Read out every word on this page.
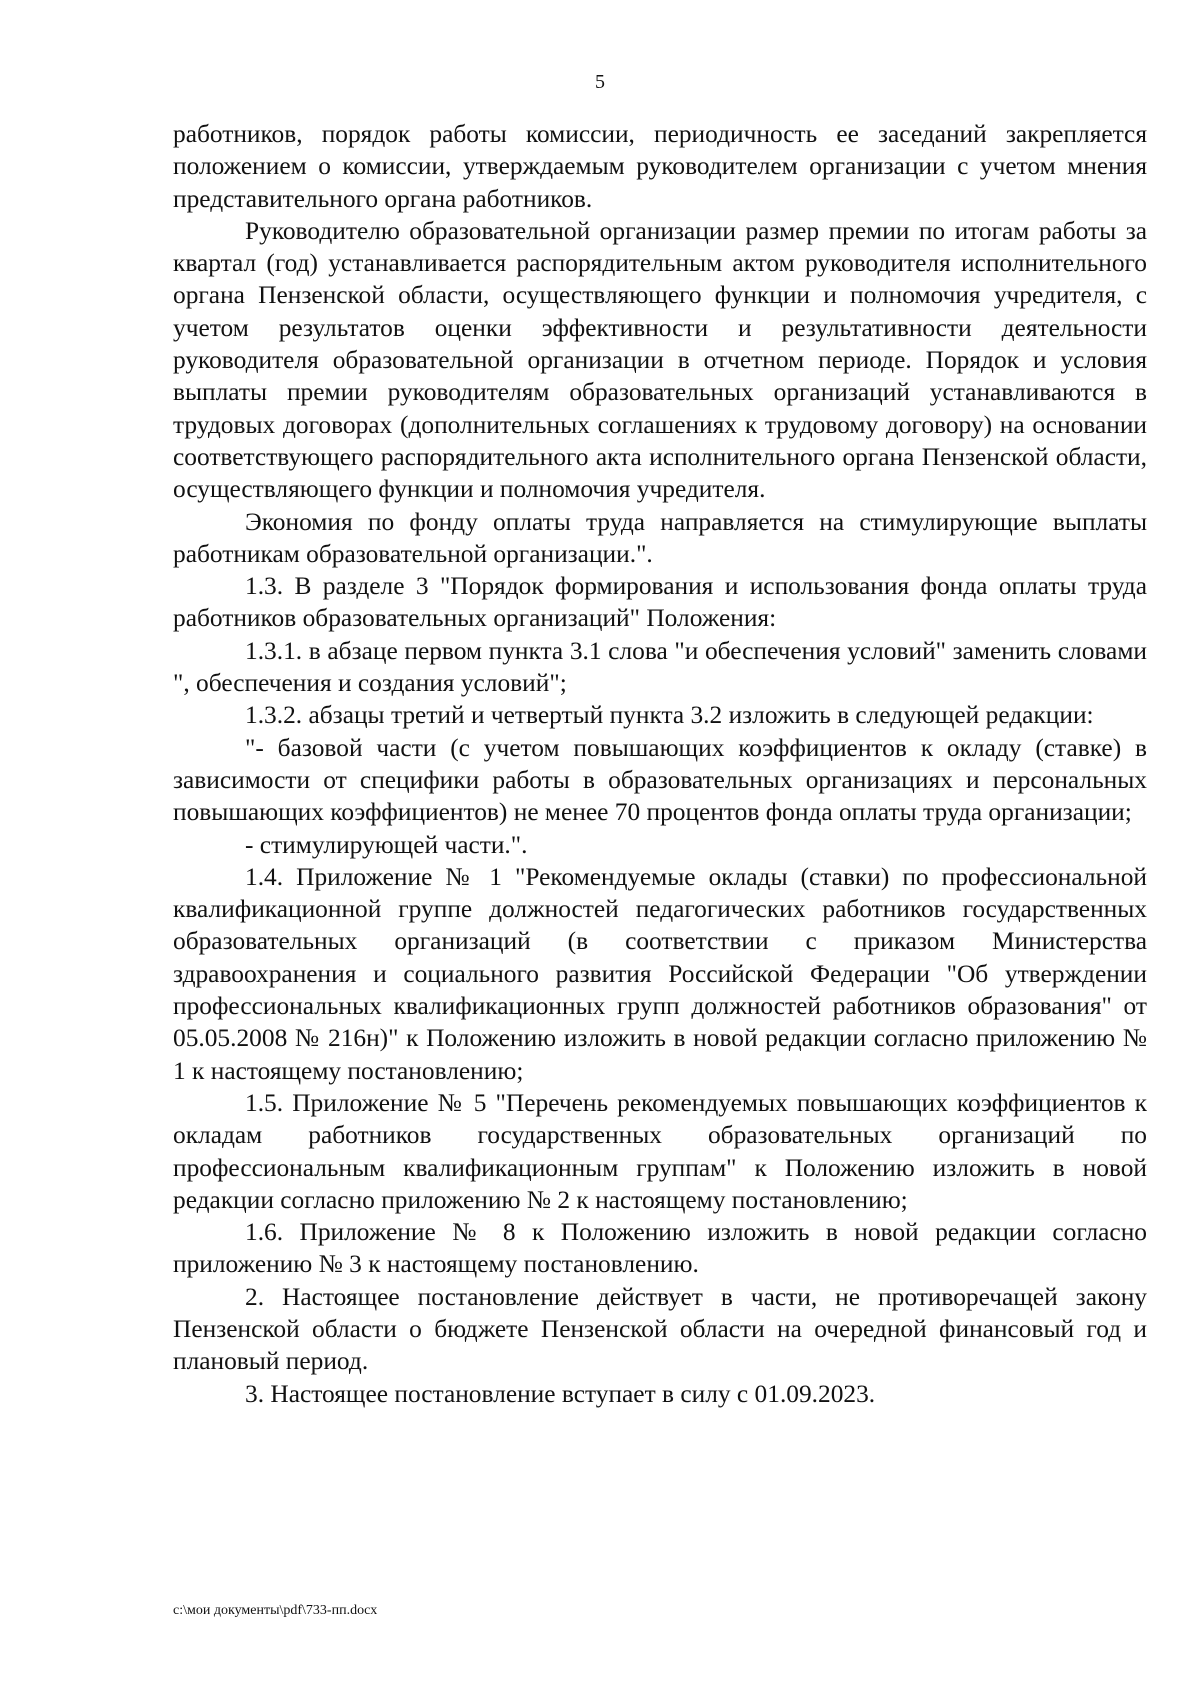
5

работников, порядок работы комиссии, периодичность ее заседаний закрепляется положением о комиссии, утверждаемым руководителем организации с учетом мнения представительного органа работников.

Руководителю образовательной организации размер премии по итогам работы за квартал (год) устанавливается распорядительным актом руководителя исполнительного органа Пензенской области, осуществляющего функции и полномочия учредителя, с учетом результатов оценки эффективности и результативности деятельности руководителя образовательной организации в отчетном периоде. Порядок и условия выплаты премии руководителям образовательных организаций устанавливаются в трудовых договорах (дополнительных соглашениях к трудовому договору) на основании соответствующего распорядительного акта исполнительного органа Пензенской области, осуществляющего функции и полномочия учредителя.

Экономия по фонду оплаты труда направляется на стимулирующие выплаты работникам образовательной организации.".

1.3. В разделе 3 "Порядок формирования и использования фонда оплаты труда работников образовательных организаций" Положения:

1.3.1. в абзаце первом пункта 3.1 слова "и обеспечения условий" заменить словами ", обеспечения и создания условий";

1.3.2. абзацы третий и четвертый пункта 3.2 изложить в следующей редакции:

"- базовой части (с учетом повышающих коэффициентов к окладу (ставке) в зависимости от специфики работы в образовательных организациях и персональных повышающих коэффициентов) не менее 70 процентов фонда оплаты труда организации;

- стимулирующей части.".

1.4. Приложение № 1 "Рекомендуемые оклады (ставки) по профессиональной квалификационной группе должностей педагогических работников государственных образовательных организаций (в соответствии с приказом Министерства здравоохранения и социального развития Российской Федерации "Об утверждении профессиональных квалификационных групп должностей работников образования" от 05.05.2008 № 216н)" к Положению изложить в новой редакции согласно приложению № 1 к настоящему постановлению;

1.5. Приложение № 5 "Перечень рекомендуемых повышающих коэффициентов к окладам работников государственных образовательных организаций по профессиональным квалификационным группам" к Положению изложить в новой редакции согласно приложению № 2 к настоящему постановлению;

1.6. Приложение № 8 к Положению изложить в новой редакции согласно приложению № 3 к настоящему постановлению.

2. Настоящее постановление действует в части, не противоречащей закону Пензенской области о бюджете Пензенской области на очередной финансовый год и плановый период.

3. Настоящее постановление вступает в силу с 01.09.2023.

c:\мои документы\pdf\733-пп.docx
